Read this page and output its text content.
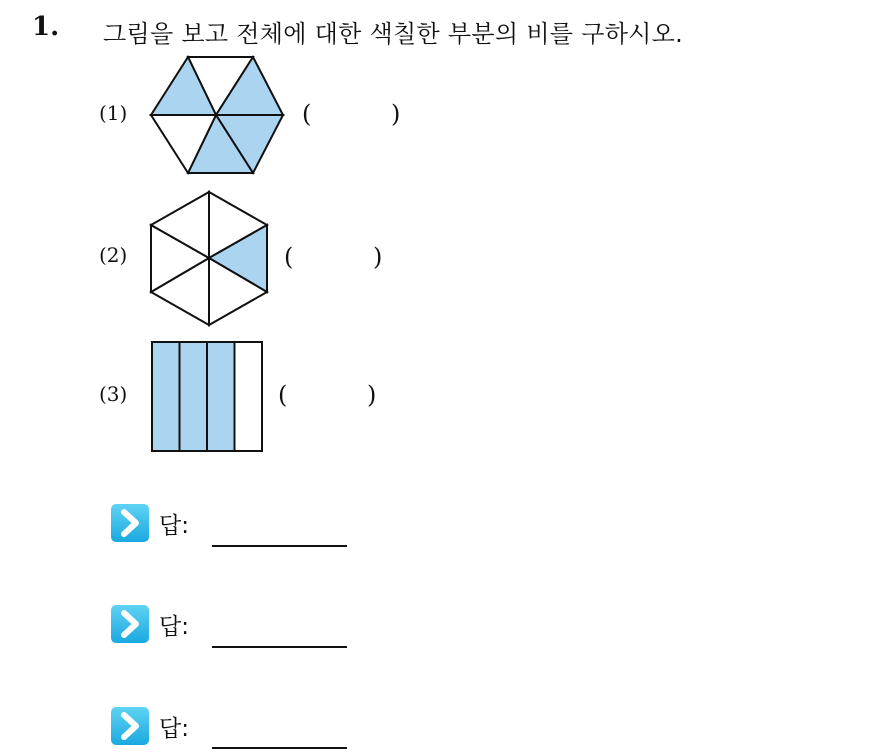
1. 그림을 보고 전체에 대한 색칠한 부분의 비를 구하시오.
(1)	(	)
(2)	(	)
(3)	(	)
답:
답:
답:
